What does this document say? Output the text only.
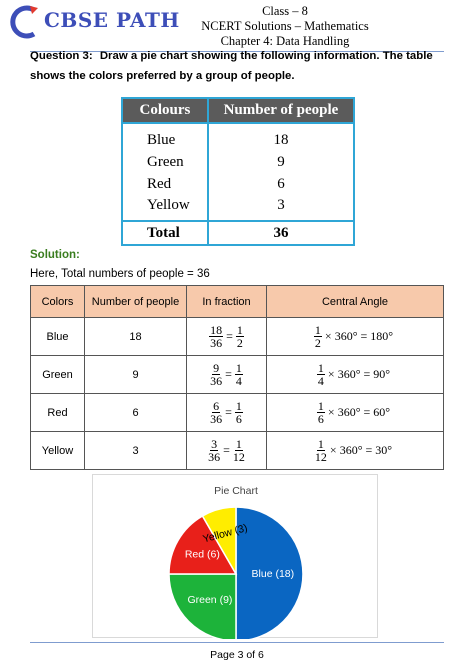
CBSE PATH	Class – 8
NCERT Solutions – Mathematics
Chapter 4: Data Handling
Question 3: Draw a pie chart showing the following information. The table shows the colors preferred by a group of people.
Colours	Number of people
Blue	18
Green	9
Red	6
Yellow	3
Total	36
Solution:
Here, Total numbers of people = 36
Colors	Number of people	In fraction	Central Angle
Blue	18	$\frac{18}{36} = \frac{1}{2}$	$\frac{1}{2} \times 360^\circ = 180^\circ$
Green	9	$\frac{9}{36} = \frac{1}{4}$	$\frac{1}{4} \times 360^\circ = 90^\circ$
Red	6	$\frac{6}{36} = \frac{1}{6}$	$\frac{1}{6} \times 360^\circ = 60^\circ$
Yellow	3	$\frac{3}{36} = \frac{1}{12}$	$\frac{1}{12} \times 360^\circ = 30^\circ$
Pie Chart
Blue (18)
Green (9)
Red (6)
Yellow (3)
Page 3 of 6
